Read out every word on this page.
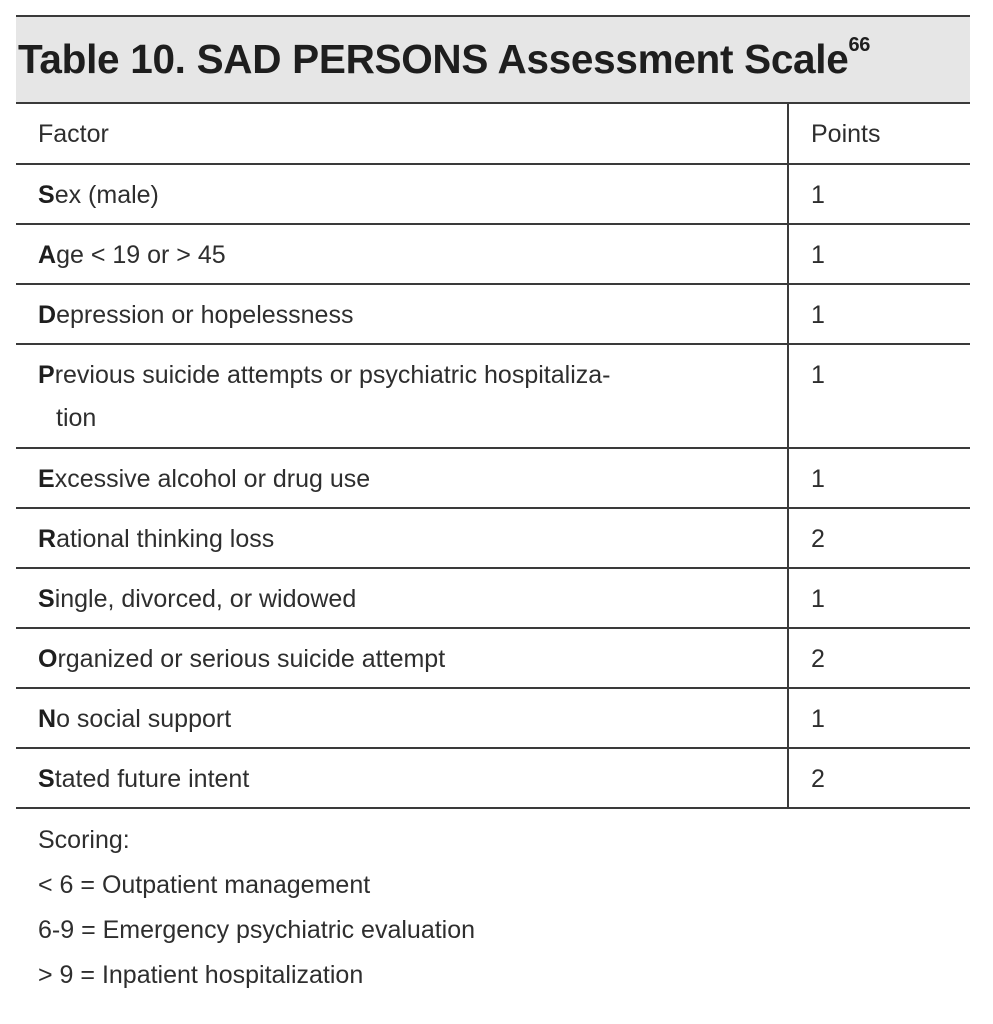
Table 10. SAD PERSONS Assessment Scale$^{66}$
Factor	Points
Sex (male)	1
Age < 19 or > 45	1
Depression or hopelessness	1
Previous suicide attempts or psychiatric hospitaliza-
tion	1
Excessive alcohol or drug use	1
Rational thinking loss	2
Single, divorced, or widowed	1
Organized or serious suicide attempt	2
No social support	1
Stated future intent	2
Scoring:
< 6 = Outpatient management
6-9 = Emergency psychiatric evaluation
> 9 = Inpatient hospitalization
